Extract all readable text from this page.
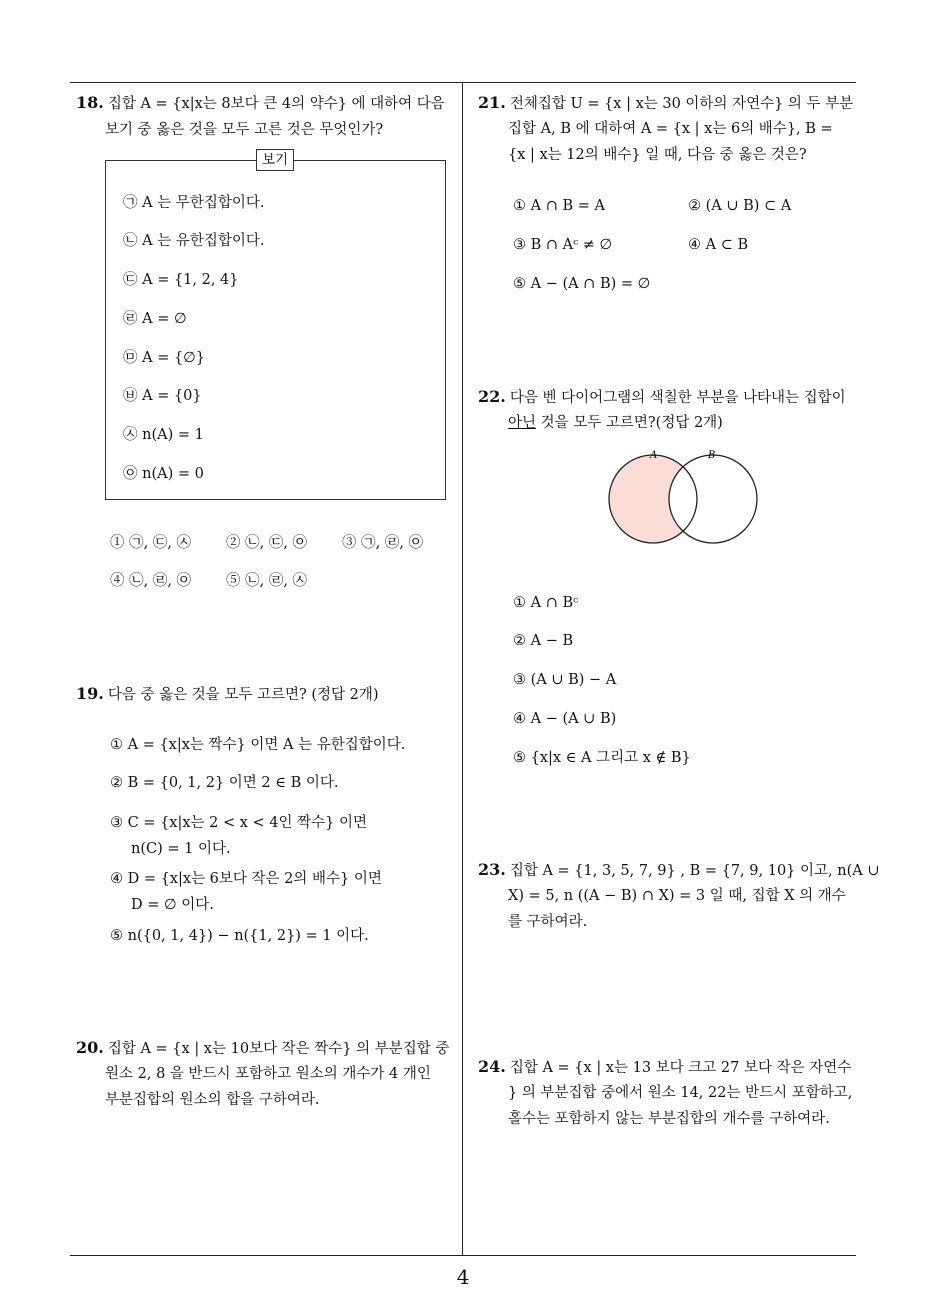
18. 집합 A = {x|x는 8보다 큰 4의 약수} 에 대하여 다음
보기 중 옳은 것을 모두 고른 것은 무엇인가?
보기
㉠ A 는 무한집합이다.
㉡ A 는 유한집합이다.
㉢ A = {1, 2, 4}
㉣ A = ∅
㉤ A = {∅}
㉥ A = {0}
㉦ n(A) = 1
㉧ n(A) = 0
① ㉠, ㉢, ㉦ ② ㉡, ㉢, ㉧ ③ ㉠, ㉣, ㉧
④ ㉡, ㉣, ㉧ ⑤ ㉡, ㉣, ㉦
19. 다음 중 옳은 것을 모두 고르면? (정답 2개)
① A = {x|x는 짝수} 이면 A 는 유한집합이다.
② B = {0, 1, 2} 이면 2 ∈ B 이다.
③ C = {x|x는 2 < x < 4인 짝수} 이면
n(C) = 1 이다.
④ D = {x|x는 6보다 작은 2의 배수} 이면
D = ∅ 이다.
⑤ n({0, 1, 4}) − n({1, 2}) = 1 이다.
20. 집합 A = {x | x는 10보다 작은 짝수} 의 부분집합 중
원소 2, 8 을 반드시 포함하고 원소의 개수가 4 개인
부분집합의 원소의 합을 구하여라.
21. 전체집합 U = {x | x는 30 이하의 자연수} 의 두 부분
집합 A, B 에 대하여 A = {x | x는 6의 배수}, B =
{x | x는 12의 배수} 일 때, 다음 중 옳은 것은?
① A ∩ B = A	② (A ∪ B) ⊂ A
③ B ∩ Aᶜ ≠ ∅	④ A ⊂ B
⑤ A − (A ∩ B) = ∅
22. 다음 벤 다이어그램의 색칠한 부분을 나타내는 집합이
아닌 것을 모두 고르면?(정답 2개)
A	B
① A ∩ Bᶜ
② A − B
③ (A ∪ B) − A
④ A − (A ∪ B)
⑤ {x|x ∈ A 그리고 x ∉ B}
23. 집합 A = {1, 3, 5, 7, 9} , B = {7, 9, 10} 이고, n(A ∪
X) = 5, n ((A − B) ∩ X) = 3 일 때, 집합 X 의 개수
를 구하여라.
24. 집합 A = {x | x는 13 보다 크고 27 보다 작은 자연수
} 의 부분집합 중에서 원소 14, 22는 반드시 포함하고,
홀수는 포함하지 않는 부분집합의 개수를 구하여라.
4
